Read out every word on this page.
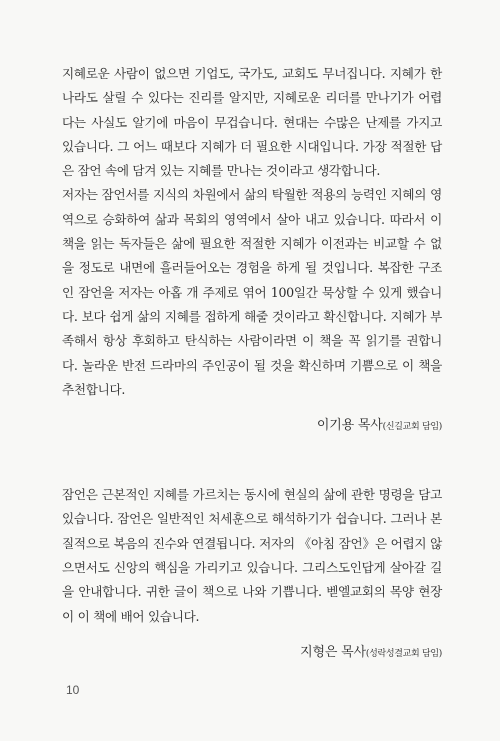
지혜로운 사람이 없으면 기업도, 국가도, 교회도 무너집니다. 지혜가 한 나라도 살릴 수 있다는 진리를 알지만, 지혜로운 리더를 만나기가 어렵다는 사실도 알기에 마음이 무겁습니다. 현대는 수많은 난제를 가지고 있습니다. 그 어느 때보다 지혜가 더 필요한 시대입니다. 가장 적절한 답은 잠언 속에 담겨 있는 지혜를 만나는 것이라고 생각합니다.

저자는 잠언서를 지식의 차원에서 삶의 탁월한 적용의 능력인 지혜의 영역으로 승화하여 삶과 목회의 영역에서 살아 내고 있습니다. 따라서 이 책을 읽는 독자들은 삶에 필요한 적절한 지혜가 이전과는 비교할 수 없을 정도로 내면에 흘러들어오는 경험을 하게 될 것입니다. 복잡한 구조인 잠언을 저자는 아홉 개 주제로 엮어 100일간 묵상할 수 있게 했습니다. 보다 쉽게 삶의 지혜를 접하게 해줄 것이라고 확신합니다. 지혜가 부족해서 항상 후회하고 탄식하는 사람이라면 이 책을 꼭 읽기를 권합니다. 놀라운 반전 드라마의 주인공이 될 것을 확신하며 기쁨으로 이 책을 추천합니다.

이기용 목사(신길교회 담임)

잠언은 근본적인 지혜를 가르치는 동시에 현실의 삶에 관한 명령을 담고 있습니다. 잠언은 일반적인 처세훈으로 해석하기가 쉽습니다. 그러나 본질적으로 복음의 진수와 연결됩니다. 저자의 《아침 잠언》은 어렵지 않으면서도 신앙의 핵심을 가리키고 있습니다. 그리스도인답게 살아갈 길을 안내합니다. 귀한 글이 책으로 나와 기쁩니다. 벧엘교회의 목양 현장이 이 책에 배어 있습니다.

지형은 목사(성락성결교회 담임)
10
